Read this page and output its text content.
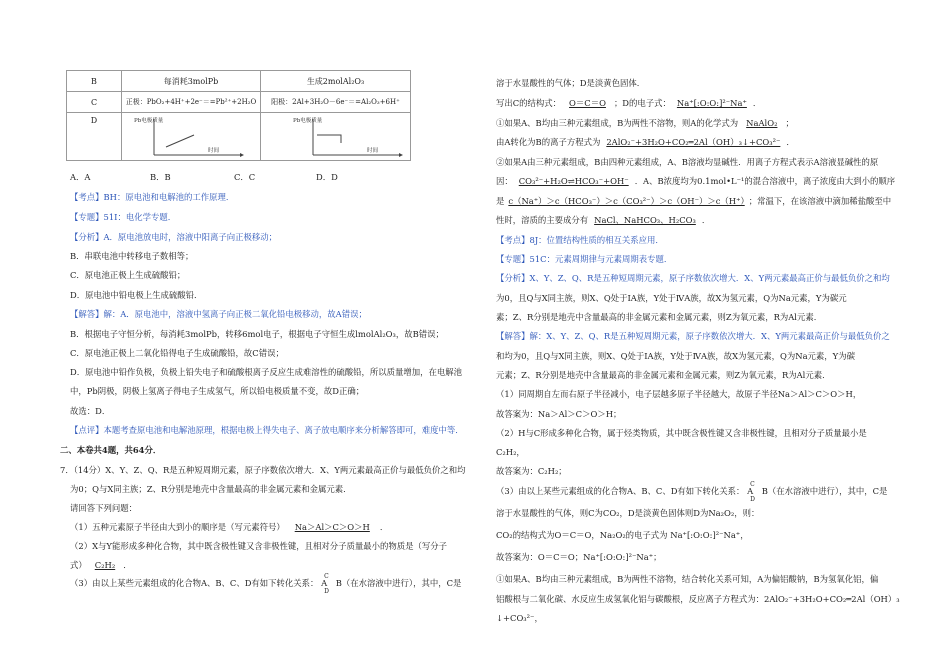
B	每消耗3molPb	生成2molAl₂O₃
C	正极：PbO₂+4H⁺+2e⁻＝=Pb²⁺+2H₂O	阳极：2Al+3H₂O－6e⁻＝=Al₂O₃+6H⁺
D	Pb电极质量
时间	Pb电极质量
时间
A．A	B．B	C．C	D．D
【考点】BH：原电池和电解池的工作原理．
【专题】51I：电化学专题．
【分析】A．原电池放电时，溶液中阳离子向正极移动；
B．串联电池中转移电子数相等；
C．原电池正极上生成硫酸铅；
D．原电池中铅电极上生成硫酸铅．
【解答】解：A．原电池中，溶液中氢离子向正极二氧化铅电极移动，故A错误；
B．根据电子守恒分析，每消耗3molPb，转移6mol电子，根据电子守恒生成lmolAl₂O₃，故B错误；
C．原电池正极上二氧化铅得电子生成硫酸铅，故C错误；
D．原电池中铅作负极，负极上铅失电子和硫酸根离子反应生成难溶性的硫酸铅，所以质量增加，在电解池
中，Pb阴极，阴极上氢离子得电子生成氢气，所以铅电极质量不变，故D正确；
故选：D．
【点评】本题考查原电池和电解池原理，根据电极上得失电子、离子放电顺序来分析解答即可，难度中等．
二、本卷共4题，共64分．
7．（14分）X、Y、Z、Q、R是五种短周期元素，原子序数依次增大．X、Y两元素最高正价与最低负价之和均
为0；Q与X同主族；Z、R分别是地壳中含量最高的非金属元素和金属元素．
请回答下列问题：
（1）五种元素原子半径由大到小的顺序是（写元素符号） Na＞Al＞C＞O＞H ．
（2）X与Y能形成多种化合物，其中既含极性键又含非极性键，且相对分子质量最小的物质是（写分子
式） C₂H₂ ．
（3）由以上某些元素组成的化合物A、B、C、D有如下转化关系：
C
A
D
B（在水溶液中进行），其中，C是
溶于水显酸性的气体；D是淡黄色固体．
写出C的结构式： O＝C＝O ；D的电子式： Na⁺[:O:O:]²⁻Na⁺ ．
①如果A、B均由三种元素组成，B为两性不溶物，则A的化学式为 NaAlO₂ ；
由A转化为B的离子方程式为 2AlO₂⁻+3H₂O+CO₂═2Al（OH）₃↓+CO₃²⁻ ．
②如果A由三种元素组成，B由四种元素组成，A、B溶液均显碱性．用离子方程式表示A溶液显碱性的原
因： CO₃²⁻+H₂O⇌HCO₃⁻+OH⁻ ．A、B浓度均为0.1mol•L⁻¹的混合溶液中，离子浓度由大到小的顺序
是 c（Na⁺）＞c（HCO₃⁻）＞c（CO₃²⁻）＞c（OH⁻）＞c（H⁺） ；常温下，在该溶液中滴加稀盐酸至中
性时，溶质的主要成分有 NaCl、NaHCO₃、H₂CO₃ ．
【考点】8J：位置结构性质的相互关系应用．
【专题】51C：元素周期律与元素周期表专题．
【分析】X、Y、Z、Q、R是五种短周期元素，原子序数依次增大．X、Y两元素最高正价与最低负价之和均
为0，且Q与X同主族，则X、Q处于ⅠA族，Y处于ⅣA族，故X为氢元素，Q为Na元素，Y为碳元
素；Z、R分别是地壳中含量最高的非金属元素和金属元素，则Z为氧元素，R为Al元素．
【解答】解：X、Y、Z、Q、R是五种短周期元素，原子序数依次增大．X、Y两元素最高正价与最低负价之
和均为0，且Q与X同主族，则X、Q处于ⅠA族，Y处于ⅣA族，故X为氢元素，Q为Na元素，Y为碳
元素；Z、R分别是地壳中含量最高的非金属元素和金属元素，则Z为氧元素，R为Al元素．
（1）同周期自左而右原子半径减小，电子层越多原子半径越大，故原子半径Na＞Al＞C＞O＞H，
故答案为：Na＞Al＞C＞O＞H；
（2）H与C形成多种化合物，属于烃类物质，其中既含极性键又含非极性键，且相对分子质量最小是
C₂H₂，
故答案为：C₂H₂；
（3）由以上某些元素组成的化合物A、B、C、D有如下转化关系：
C
A
D
B（在水溶液中进行），其中，C是
溶于水显酸性的气体，则C为CO₂，D是淡黄色固体则D为Na₂O₂，则：
CO₂的结构式为O＝C＝O，Na₂O₂的电子式为 Na⁺[:O:O:]²⁻Na⁺，
故答案为：O＝C＝O；Na⁺[:O:O:]²⁻Na⁺；
①如果A、B均由三种元素组成，B为两性不溶物，结合转化关系可知，A为偏铝酸钠，B为氢氧化铝，偏
铝酸根与二氧化碳、水反应生成氢氧化铝与碳酸根，反应离子方程式为：2AlO₂⁻+3H₂O+CO₂═2Al（OH）₃
↓+CO₃²⁻，
